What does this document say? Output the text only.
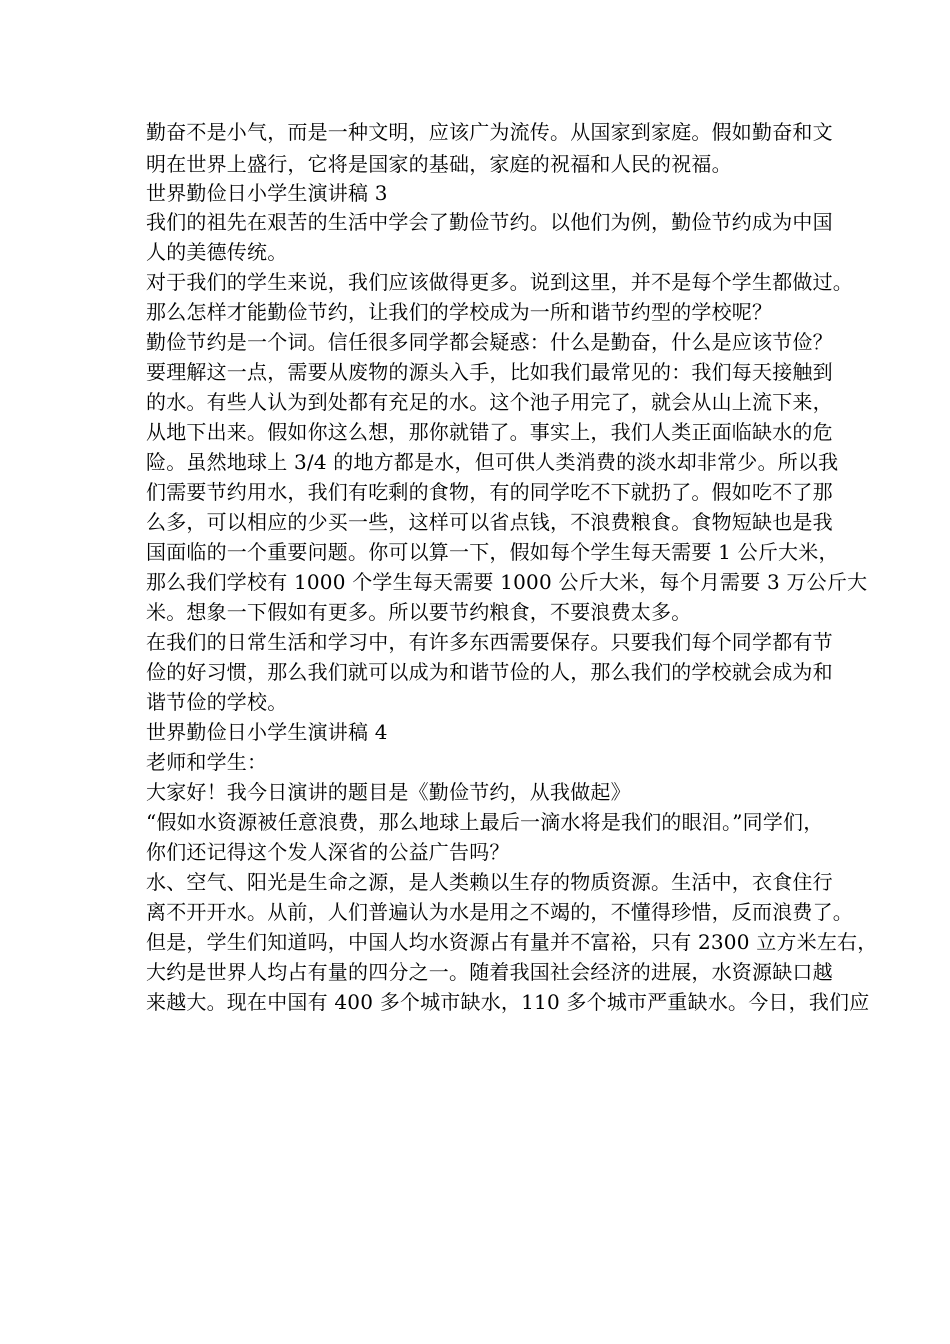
勤奋不是小气，而是一种文明，应该广为流传。从国家到家庭。假如勤奋和文
明在世界上盛行，它将是国家的基础，家庭的祝福和人民的祝福。
世界勤俭日小学生演讲稿 3
我们的祖先在艰苦的生活中学会了勤俭节约。以他们为例，勤俭节约成为中国
人的美德传统。
对于我们的学生来说，我们应该做得更多。说到这里，并不是每个学生都做过。
那么怎样才能勤俭节约，让我们的学校成为一所和谐节约型的学校呢？
勤俭节约是一个词。信任很多同学都会疑惑：什么是勤奋，什么是应该节俭？
要理解这一点，需要从废物的源头入手，比如我们最常见的：我们每天接触到
的水。有些人认为到处都有充足的水。这个池子用完了，就会从山上流下来，
从地下出来。假如你这么想，那你就错了。事实上，我们人类正面临缺水的危
险。虽然地球上 3/4 的地方都是水，但可供人类消费的淡水却非常少。所以我
们需要节约用水，我们有吃剩的食物，有的同学吃不下就扔了。假如吃不了那
么多，可以相应的少买一些，这样可以省点钱，不浪费粮食。食物短缺也是我
国面临的一个重要问题。你可以算一下，假如每个学生每天需要 1 公斤大米，
那么我们学校有 1000 个学生每天需要 1000 公斤大米，每个月需要 3 万公斤大
米。想象一下假如有更多。所以要节约粮食，不要浪费太多。
在我们的日常生活和学习中，有许多东西需要保存。只要我们每个同学都有节
俭的好习惯，那么我们就可以成为和谐节俭的人，那么我们的学校就会成为和
谐节俭的学校。
世界勤俭日小学生演讲稿 4
老师和学生：
大家好！我今日演讲的题目是《勤俭节约，从我做起》
“假如水资源被任意浪费，那么地球上最后一滴水将是我们的眼泪。”同学们，
你们还记得这个发人深省的公益广告吗？
水、空气、阳光是生命之源，是人类赖以生存的物质资源。生活中，衣食住行
离不开开水。从前，人们普遍认为水是用之不竭的，不懂得珍惜，反而浪费了。
但是，学生们知道吗，中国人均水资源占有量并不富裕，只有 2300 立方米左右，
大约是世界人均占有量的四分之一。随着我国社会经济的进展，水资源缺口越
来越大。现在中国有 400 多个城市缺水，110 多个城市严重缺水。今日，我们应
